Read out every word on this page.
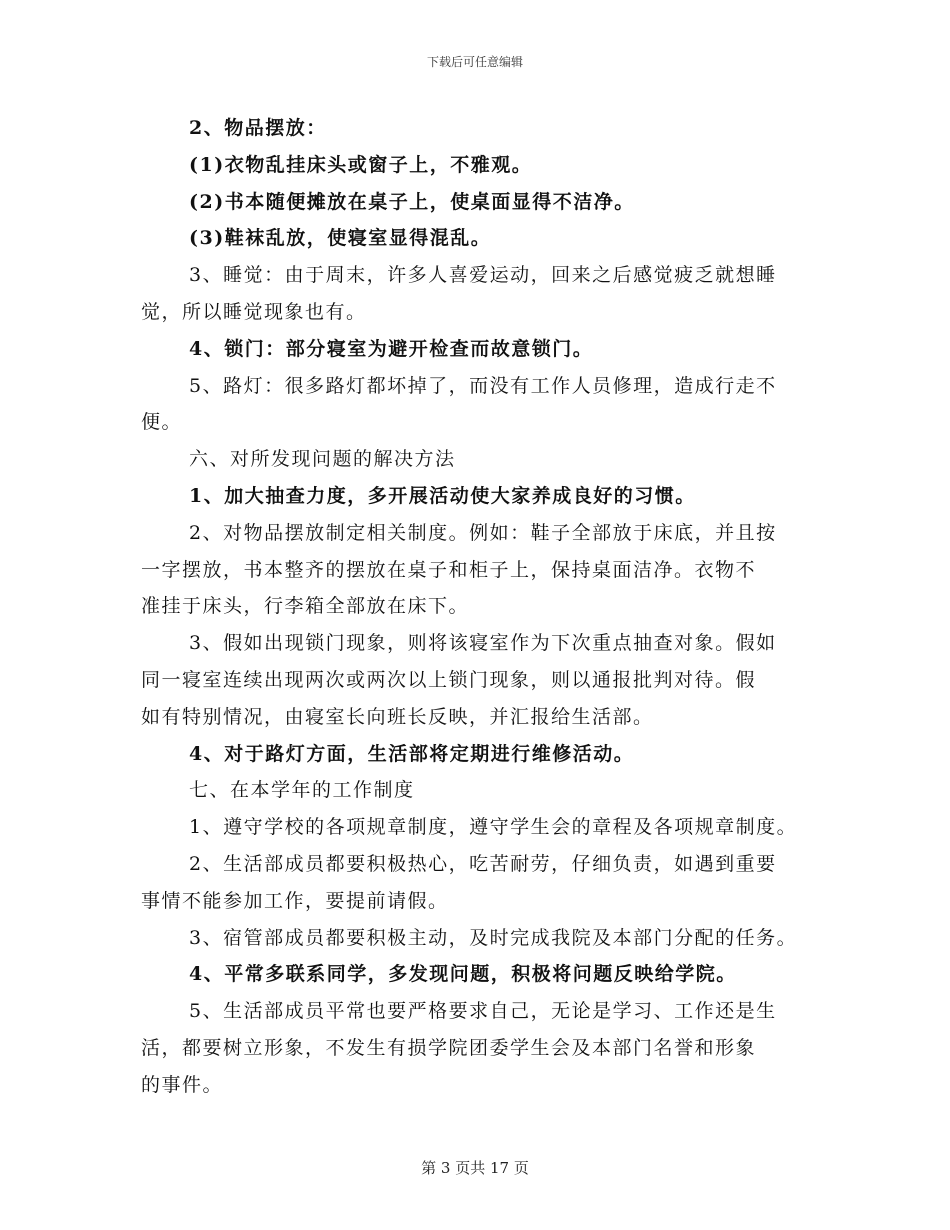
下载后可任意编辑
2、物品摆放：
(1)衣物乱挂床头或窗子上，不雅观。
(2)书本随便摊放在桌子上，使桌面显得不洁净。
(3)鞋袜乱放，使寝室显得混乱。
3、睡觉：由于周末，许多人喜爱运动，回来之后感觉疲乏就想睡
觉，所以睡觉现象也有。
4、锁门：部分寝室为避开检查而故意锁门。
5、路灯：很多路灯都坏掉了，而没有工作人员修理，造成行走不
便。
六、对所发现问题的解决方法
1、加大抽查力度，多开展活动使大家养成良好的习惯。
2、对物品摆放制定相关制度。例如：鞋子全部放于床底，并且按
一字摆放，书本整齐的摆放在桌子和柜子上，保持桌面洁净。衣物不
准挂于床头，行李箱全部放在床下。
3、假如出现锁门现象，则将该寝室作为下次重点抽查对象。假如
同一寝室连续出现两次或两次以上锁门现象，则以通报批判对待。假
如有特别情况，由寝室长向班长反映，并汇报给生活部。
4、对于路灯方面，生活部将定期进行维修活动。
七、在本学年的工作制度
1、遵守学校的各项规章制度，遵守学生会的章程及各项规章制度。
2、生活部成员都要积极热心，吃苦耐劳，仔细负责，如遇到重要
事情不能参加工作，要提前请假。
3、宿管部成员都要积极主动，及时完成我院及本部门分配的任务。
4、平常多联系同学，多发现问题，积极将问题反映给学院。
5、生活部成员平常也要严格要求自己，无论是学习、工作还是生
活，都要树立形象，不发生有损学院团委学生会及本部门名誉和形象
的事件。
第 3 页共 17 页
